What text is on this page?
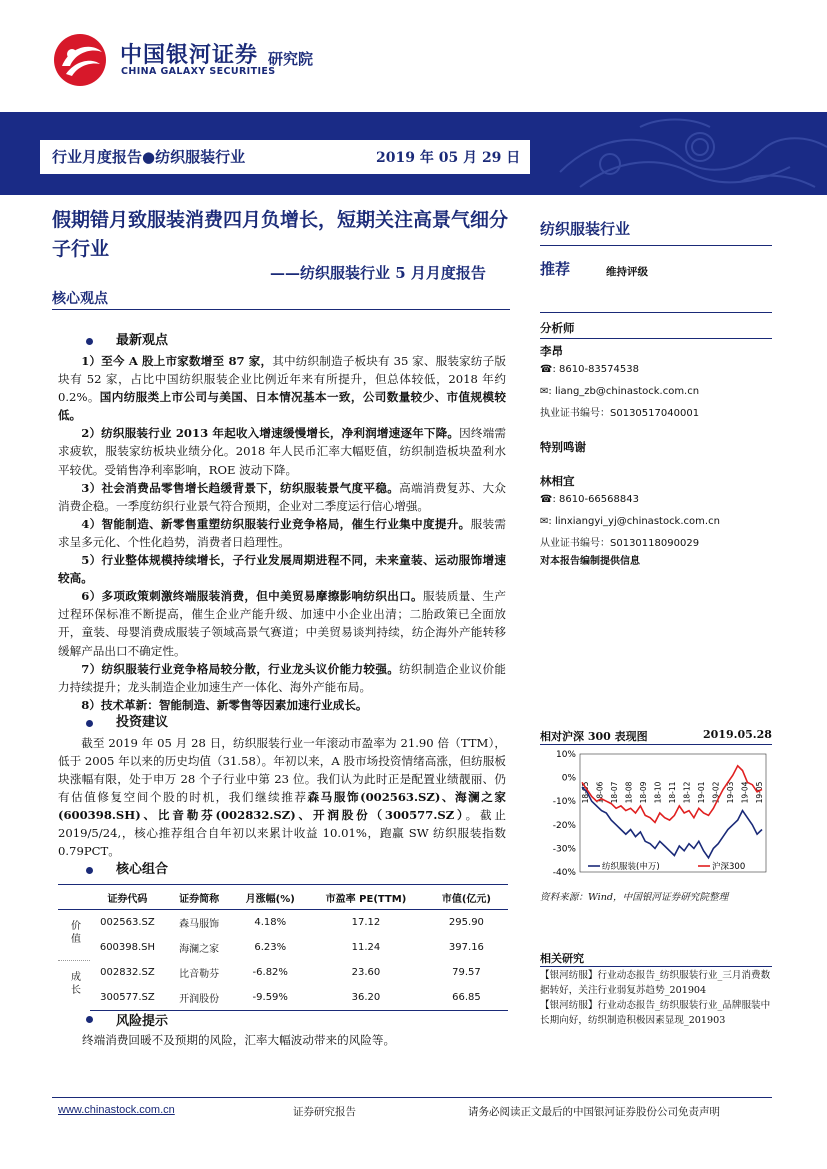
中国银河证券
CHINA GALAXY SECURITIES
研究院
行业月度报告●纺织服装行业	2019 年 05 月 29 日
假期错月致服装消费四月负增长，短期关注高景气细分子行业
——纺织服装行业 5 月月度报告
核心观点
最新观点

1）至今 A 股上市家数增至 87 家，其中纺织制造子板块有 35 家、服装家纺子版块有 52 家，占比中国纺织服装企业比例近年来有所提升，但总体较低，2018 年约 0.2%。国内纺服类上市公司与美国、日本情况基本一致，公司数量较少、市值规模较低。

2）纺织服装行业 2013 年起收入增速缓慢增长，净利润增速逐年下降。因终端需求疲软，服装家纺板块业绩分化。2018 年人民币汇率大幅贬值，纺织制造板块盈利水平较优。受销售净利率影响，ROE 波动下降。

3）社会消费品零售增长趋缓背景下，纺织服装景气度平稳。高端消费复苏、大众消费企稳。一季度纺织行业景气符合预期，企业对二季度运行信心增强。

4）智能制造、新零售重塑纺织服装行业竞争格局，催生行业集中度提升。服装需求呈多元化、个性化趋势，消费者日趋理性。

5）行业整体规模持续增长，子行业发展周期进程不同，未来童装、运动服饰增速较高。

6）多项政策刺激终端服装消费，但中美贸易摩擦影响纺织出口。服装质量、生产过程环保标准不断提高，催生企业产能升级、加速中小企业出清；二胎政策已全面放开，童装、母婴消费成服装子领域高景气赛道；中美贸易谈判持续，纺企海外产能转移缓解产品出口不确定性。

7）纺织服装行业竞争格局较分散，行业龙头议价能力较强。纺织制造企业议价能力持续提升；龙头制造企业加速生产一体化、海外产能布局。

8）技术革新：智能制造、新零售等因素加速行业成长。

投资建议

截至 2019 年 05 月 28 日，纺织服装行业一年滚动市盈率为 21.90 倍（TTM），低于 2005 年以来的历史均值（31.58）。年初以来，A 股市场投资情绪高涨，但纺服板块涨幅有限，处于申万 28 个子行业中第 23 位。我们认为此时正是配置业绩靓丽、仍有估值修复空间个股的时机，我们继续推荐森马服饰(002563.SZ)、海澜之家(600398.SH)、比音勒芬(002832.SZ)、开润股份（300577.SZ）。截止 2019/5/24,，核心推荐组合自年初以来累计收益 10.01%，跑赢 SW 纺织服装指数 0.79PCT。

核心组合
	证券代码	证券简称	月涨幅(%)	市盈率 PE(TTM)	市值(亿元)
价值	002563.SZ	森马服饰	4.18%	17.12	295.90
	600398.SH	海澜之家	6.23%	11.24	397.16
成长	002832.SZ	比音勒芬	-6.82%	23.60	79.57
	300577.SZ	开润股份	-9.59%	36.20	66.85
风险提示
终端消费回暖不及预期的风险，汇率大幅波动带来的风险等。
纺织服装行业
推荐	维持评级
分析师
李昂
☎: 8610-83574538
✉: liang_zb@chinastock.com.cn
执业证书编号：S0130517040001
特别鸣谢
林相宜
☎: 8610-66568843
✉: linxiangyi_yj@chinastock.com.cn
从业证书编号：S0130118090029
对本报告编制提供信息
相对沪深 300 表现图	2019.05.28
10%
0%
-10%
-20%
-30%
-40%
18-05 18-06 18-07 18-08 18-09 18-10 18-11 18-12 19-01 19-02 19-03 19-04 19-05
纺织服装(申万)	沪深300
资料来源：Wind，中国银河证券研究院整理
相关研究
【银河纺服】行业动态报告_纺织服装行业_三月消费数据转好，关注行业弱复苏趋势_201904
【银河纺服】行业动态报告_纺织服装行业_品牌服装中长期向好，纺织制造积极因素显现_201903
www.chinastock.com.cn	证券研究报告	请务必阅读正文最后的中国银河证券股份公司免责声明
